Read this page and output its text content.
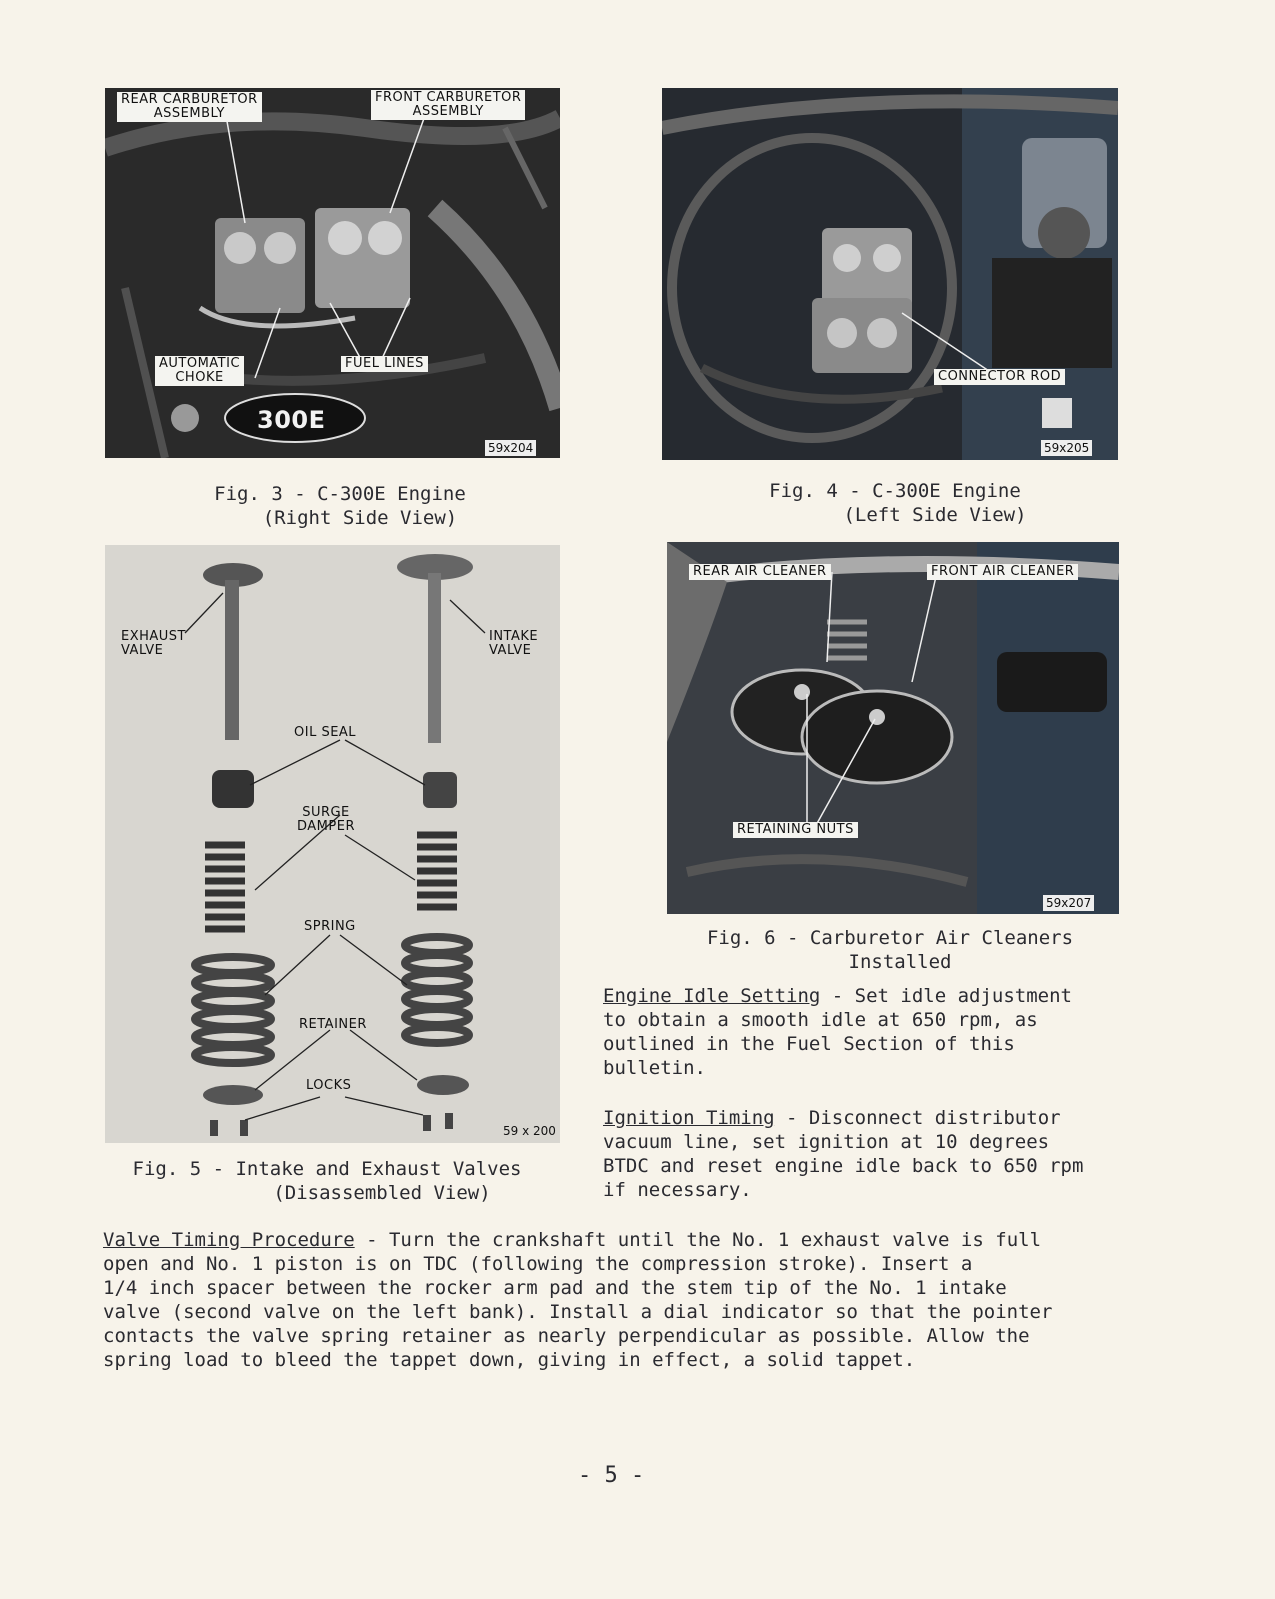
REAR CARBURETOR
ASSEMBLY
FRONT CARBURETOR
ASSEMBLY
AUTOMATIC
CHOKE
FUEL LINES
300E
59x204
Fig. 3 - C-300E Engine
(Right Side View)
CONNECTOR ROD
59x205
Fig. 4 - C-300E Engine
(Left Side View)
EXHAUST
VALVE
INTAKE
VALVE
OIL SEAL
SURGE
DAMPER
SPRING
RETAINER
LOCKS
59 x 200
Fig. 5 - Intake and Exhaust Valves
(Disassembled View)
REAR AIR CLEANER	FRONT AIR CLEANER
RETAINING NUTS
59x207
Fig. 6 - Carburetor Air Cleaners
Installed
Engine Idle Setting - Set idle adjustment
to obtain a smooth idle at 650 rpm, as
outlined in the Fuel Section of this
bulletin.
Ignition Timing - Disconnect distributor
vacuum line, set ignition at 10 degrees
BTDC and reset engine idle back to 650 rpm
if necessary.
Valve Timing Procedure - Turn the crankshaft until the No. 1 exhaust valve is full
open and No. 1 piston is on TDC (following the compression stroke). Insert a
1/4 inch spacer between the rocker arm pad and the stem tip of the No. 1 intake
valve (second valve on the left bank). Install a dial indicator so that the pointer
contacts the valve spring retainer as nearly perpendicular as possible. Allow the
spring load to bleed the tappet down, giving in effect, a solid tappet.
- 5 -
